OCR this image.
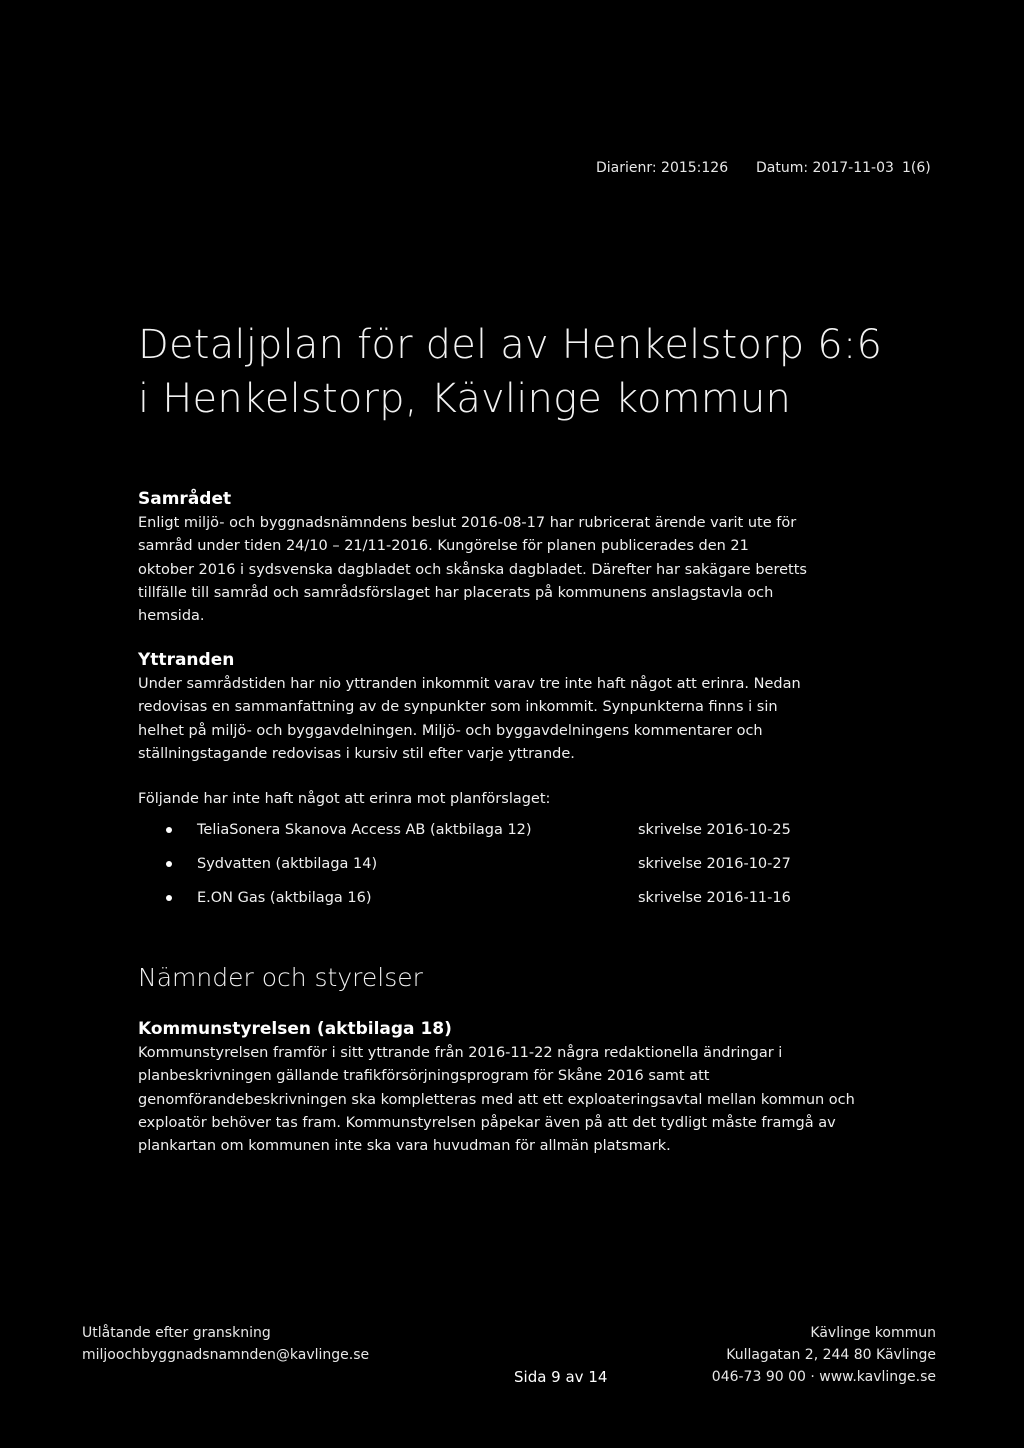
Diarienr: 2015:126	Datum: 2017-11-03 1(6)
Detaljplan för del av Henkelstorp 6:6
i Henkelstorp, Kävlinge kommun
Samrådet

Enligt miljö- och byggnadsnämndens beslut 2016-08-17 har rubricerat ärende varit ute för

samråd under tiden 24/10 – 21/11-2016. Kungörelse för planen publicerades den 21

oktober 2016 i sydsvenska dagbladet och skånska dagbladet. Därefter har sakägare beretts

tillfälle till samråd och samrådsförslaget har placerats på kommunens anslagstavla och

hemsida.

Yttranden

Under samrådstiden har nio yttranden inkommit varav tre inte haft något att erinra. Nedan

redovisas en sammanfattning av de synpunkter som inkommit. Synpunkterna finns i sin

helhet på miljö- och byggavdelningen. Miljö- och byggavdelningens kommentarer och

ställningstagande redovisas i kursiv stil efter varje yttrande.

Följande har inte haft något att erinra mot planförslaget:

TeliaSonera Skanova Access AB (aktbilaga 12)	skrivelse 2016-10-25
Sydvatten (aktbilaga 14)	skrivelse 2016-10-27
E.ON Gas (aktbilaga 16)	skrivelse 2016-11-16
Nämnder och styrelser
Kommunstyrelsen (aktbilaga 18)

Kommunstyrelsen framför i sitt yttrande från 2016-11-22 några redaktionella ändringar i

planbeskrivningen gällande trafikförsörjningsprogram för Skåne 2016 samt att

genomförandebeskrivningen ska kompletteras med att ett exploateringsavtal mellan kommun och

exploatör behöver tas fram. Kommunstyrelsen påpekar även på att det tydligt måste framgå av

plankartan om kommunen inte ska vara huvudman för allmän platsmark.

Utlåtande efter granskning
miljoochbyggnadsnamnden@kavlinge.se
Sida 9 av 14
Kävlinge kommun
Kullagatan 2, 244 80 Kävlinge
046-73 90 00 · www.kavlinge.se
